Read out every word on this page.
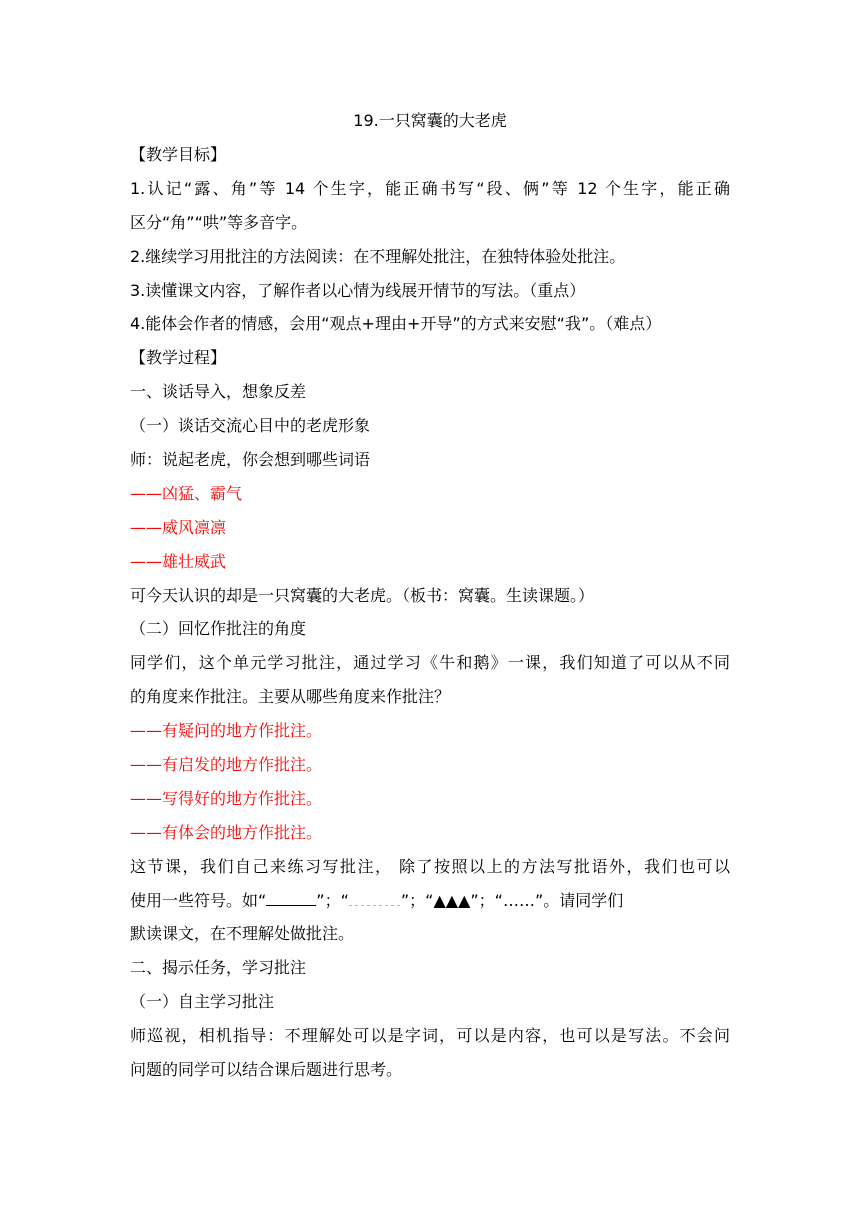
19.一只窝囊的大老虎

【教学目标】

1.认记“露、角”等 14 个生字，能正确书写“段、俩”等 12 个生字，能正确

区分“角”“哄”等多音字。

2.继续学习用批注的方法阅读：在不理解处批注，在独特体验处批注。

3.读懂课文内容，了解作者以心情为线展开情节的写法。（重点）

4.能体会作者的情感，会用“观点+理由+开导”的方式来安慰“我”。（难点）

【教学过程】

一、谈话导入，想象反差

（一）谈话交流心目中的老虎形象

师：说起老虎，你会想到哪些词语

——凶猛、霸气

——威风凛凛

——雄壮威武

可今天认识的却是一只窝囊的大老虎。（板书：窝囊。生读课题。）

（二）回忆作批注的角度

同学们，这个单元学习批注，通过学习《牛和鹅》一课，我们知道了可以从不同

的角度来作批注。主要从哪些角度来作批注？

——有疑问的地方作批注。

——有启发的地方作批注。

——写得好的地方作批注。

——有体会的地方作批注。

这节课，我们自己来练习写批注， 除了按照以上的方法写批语外，我们也可以

使用一些符号。如“	”；“	”；“▲▲▲”；“……”。请同学们

默读课文，在不理解处做批注。

二、揭示任务，学习批注

（一）自主学习批注

师巡视，相机指导：不理解处可以是字词，可以是内容，也可以是写法。不会问

问题的同学可以结合课后题进行思考。
